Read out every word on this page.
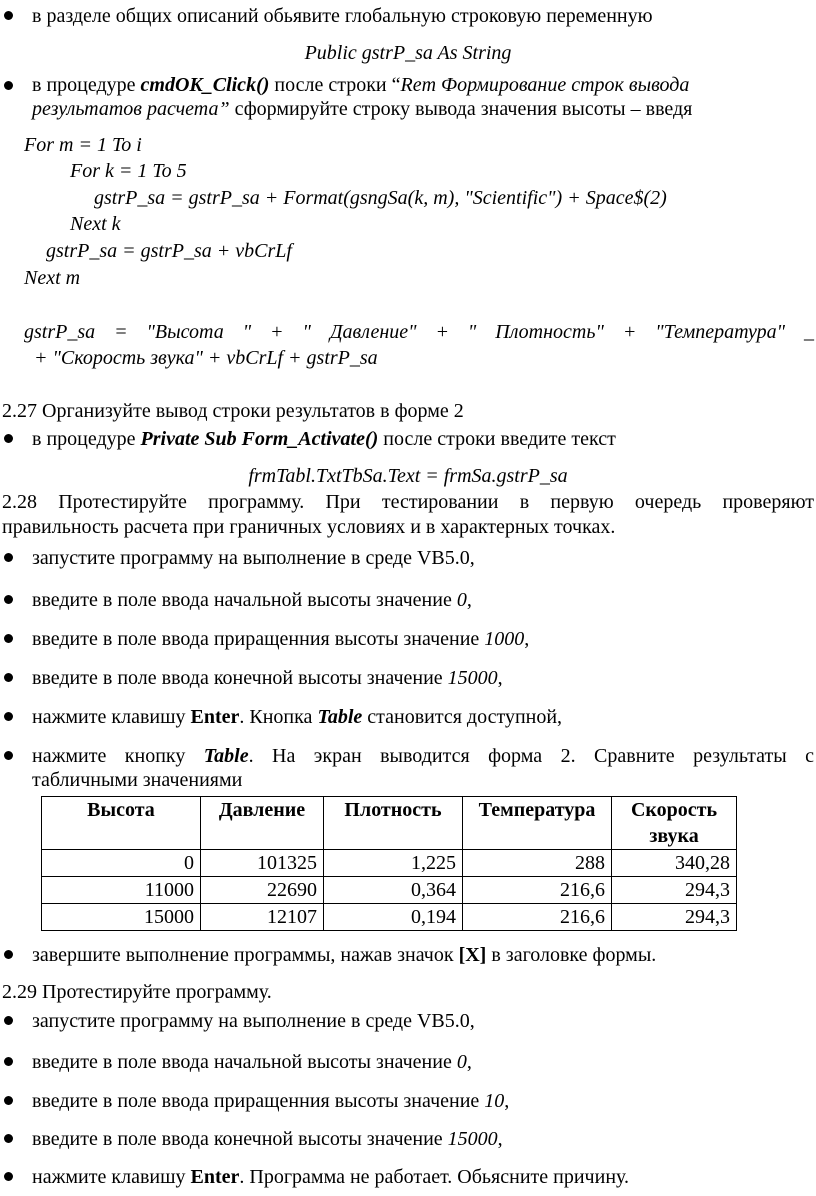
в разделе общих описаний обьявите глобальную строковую переменную
Public gstrP_sa As String
в процедуре cmdOK_Click() после строки “Rem Формирование строк вывода
результатов расчета” сформируйте строку вывода значения высоты – введя
For m = 1 To i
For k = 1 To 5
gstrP_sa = gstrP_sa + Format(gsngSa(k, m), "Scientific") + Space$(2)
Next k
gstrP_sa = gstrP_sa + vbCrLf
Next m
gstrP_sa = "Высота " + " Давление" + " Плотность" + "Температура" _
+ "Скорость звука" + vbCrLf + gstrP_sa
2.27 Организуйте вывод строки результатов в форме 2
в процедуре Private Sub Form_Activate() после строки введите текст
frmTabl.TxtTbSa.Text = frmSa.gstrP_sa
2.28 Протестируйте программу. При тестировании в первую очередь проверяют
правильность расчета при граничных условиях и в характерных точках.
запустите программу на выполнение в среде VB5.0,
введите в поле ввода начальной высоты значение 0,
введите в поле ввода приращенния высоты значение 1000,
введите в поле ввода конечной высоты значение 15000,
нажмите клавишу Enter. Кнопка Table становится доступной,
нажмите кнопку Table. На экран выводится форма 2. Сравните результаты с
табличными значениями
Высота	Давление	Плотность	Температура	Скорость звука
0	101325	1,225	288	340,28
11000	22690	0,364	216,6	294,3
15000	12107	0,194	216,6	294,3
завершите выполнение программы, нажав значок [X] в заголовке формы.
2.29 Протестируйте программу.
запустите программу на выполнение в среде VB5.0,
введите в поле ввода начальной высоты значение 0,
введите в поле ввода приращенния высоты значение 10,
введите в поле ввода конечной высоты значение 15000,
нажмите клавишу Enter. Программа не работает. Обьясните причину.
